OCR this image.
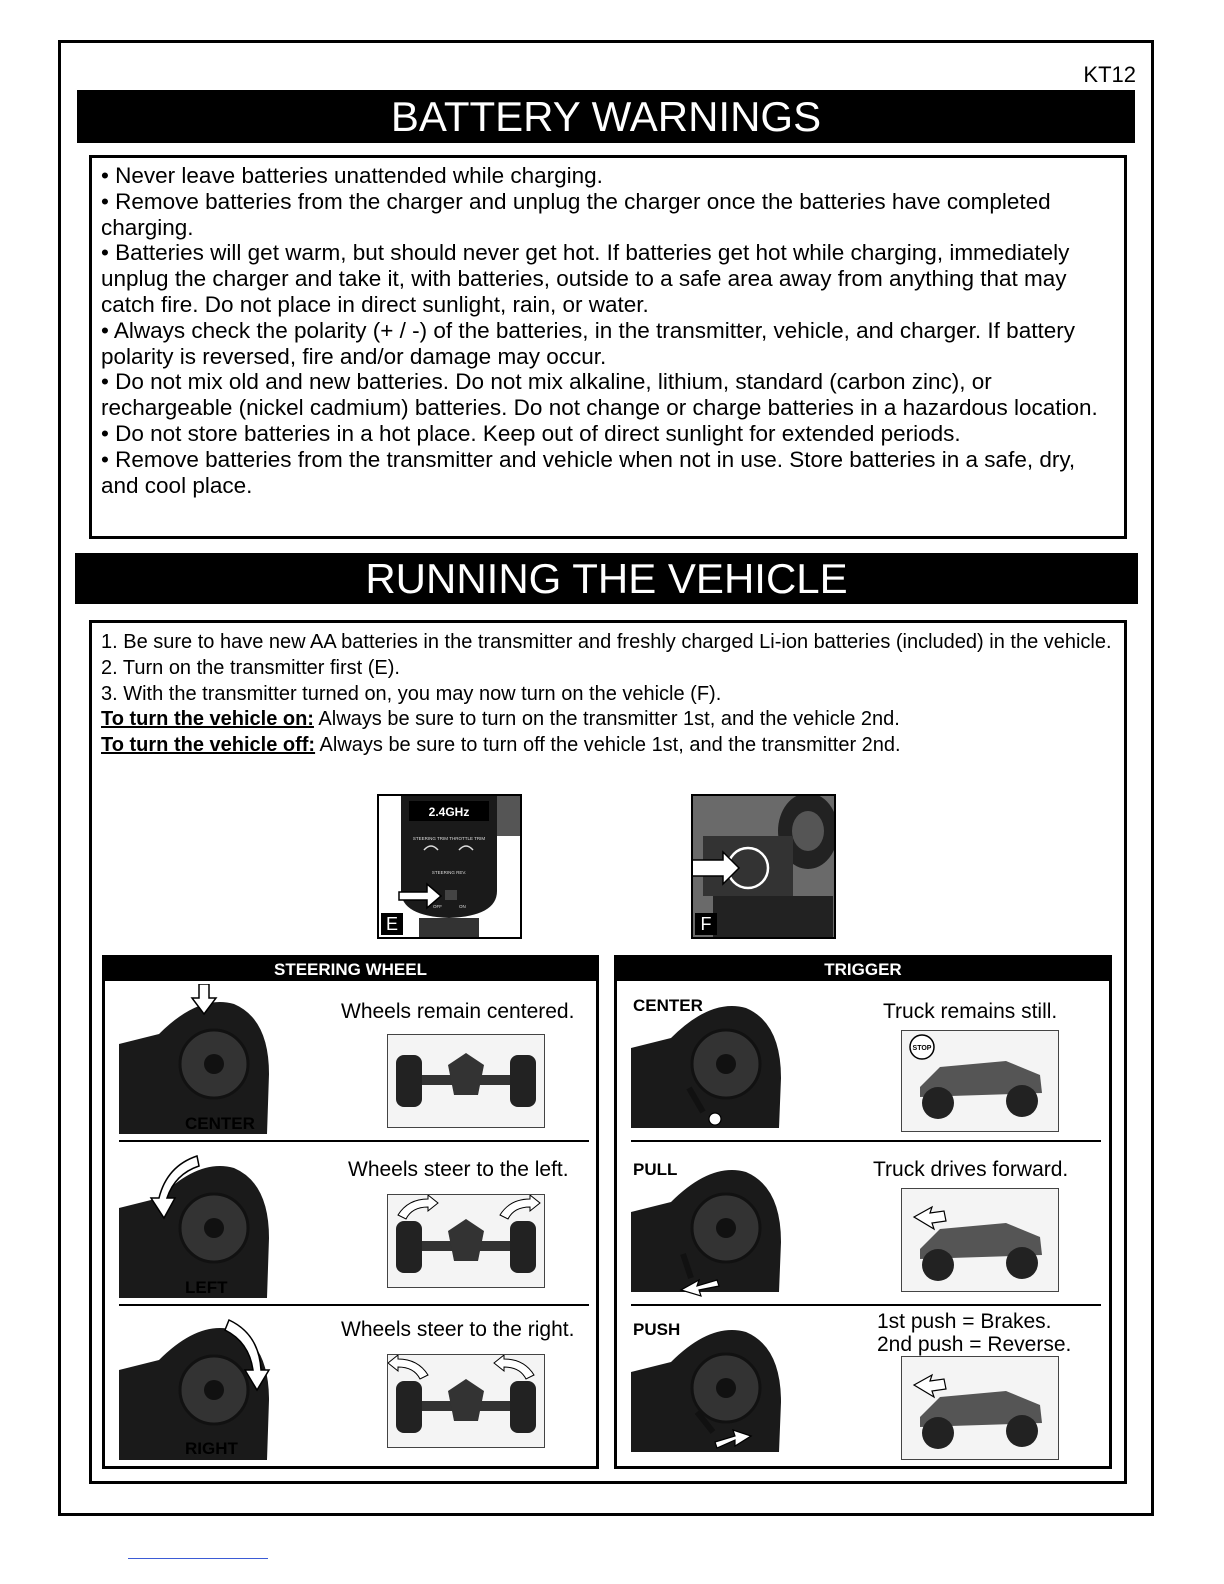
KT12
BATTERY WARNINGS
• Never leave batteries unattended while charging.
• Remove batteries from the charger and unplug the charger once the batteries have completed charging.
• Batteries will get warm, but should never get hot. If batteries get hot while charging, immediately unplug the charger and take it, with batteries, outside to a safe area away from anything that may catch fire. Do not place in direct sunlight, rain, or water.
• Always check the polarity (+ / -) of the batteries, in the transmitter, vehicle, and charger. If battery polarity is reversed, fire and/or damage may occur.
• Do not mix old and new batteries. Do not mix alkaline, lithium, standard (carbon zinc), or rechargeable (nickel cadmium) batteries. Do not change or charge batteries in a hazardous location.
• Do not store batteries in a hot place. Keep out of direct sunlight for extended periods.
• Remove batteries from the transmitter and vehicle when not in use. Store batteries in a safe, dry, and cool place.
RUNNING THE VEHICLE
1. Be sure to have new AA batteries in the transmitter and freshly charged Li-ion batteries (included) in the vehicle.
2. Turn on the transmitter first (E).
3. With the transmitter turned on, you may now turn on the vehicle (F).
To turn the vehicle on: Always be sure to turn on the transmitter 1st, and the vehicle 2nd.
To turn the vehicle off: Always be sure to turn off the vehicle 1st, and the transmitter 2nd.
2.4GHz
STEERING TRIM THROTTLE TRIM
STEERING REV.
OFF	ON
E	F
STEERING WHEEL
CENTER
Wheels remain centered.
LEFT
Wheels steer to the left.
RIGHT
Wheels steer to the right.
TRIGGER
CENTER	Truck remains still.
STOP
PULL	Truck drives forward.
PUSH	1st push = Brakes.
2nd push = Reverse.
